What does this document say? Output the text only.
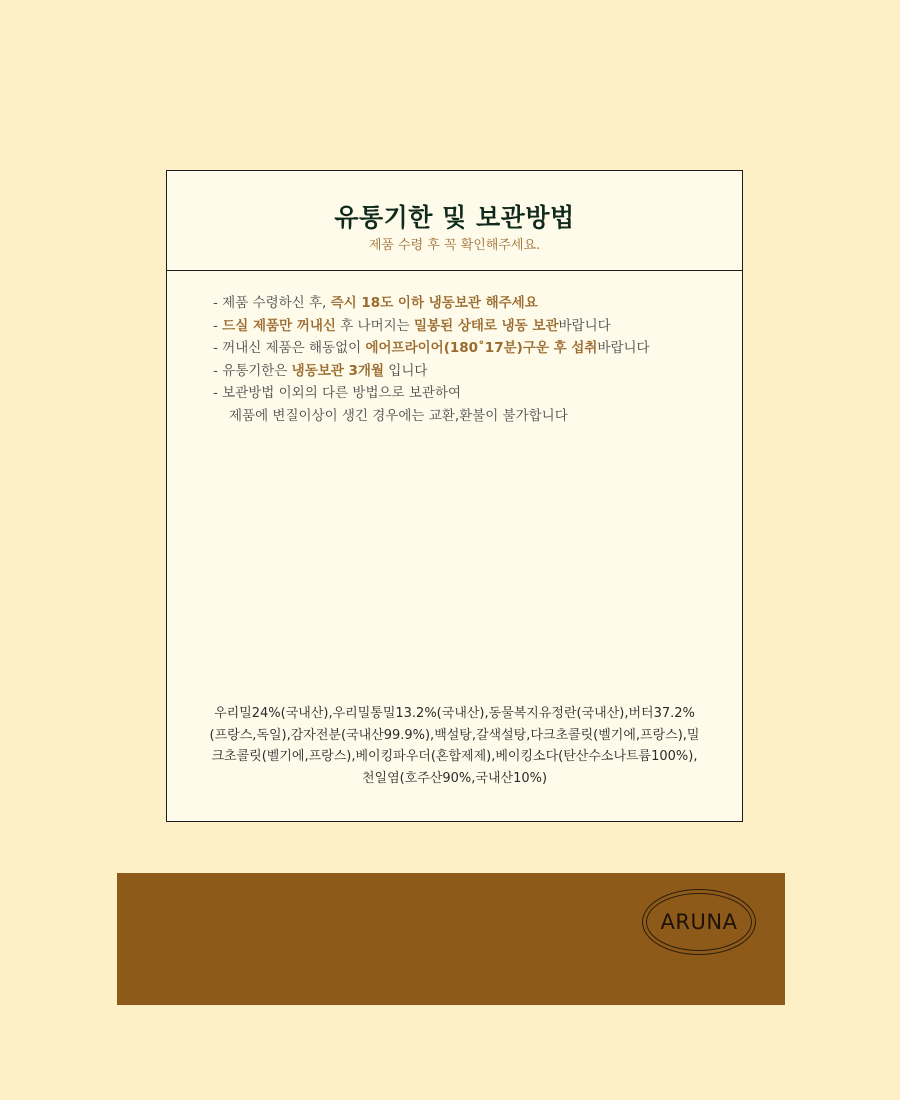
유통기한 및 보관방법

제품 수령 후 꼭 확인해주세요.

- 제품 수령하신 후, 즉시 18도 이하 냉동보관 해주세요
- 드실 제품만 꺼내신 후 나머지는 밀봉된 상태로 냉동 보관바랍니다
- 꺼내신 제품은 해동없이 에어프라이어(180˚17분)구운 후 섭취바랍니다
- 유통기한은 냉동보관 3개월 입니다
- 보관방법 이외의 다른 방법으로 보관하여
제품에 변질이상이 생긴 경우에는 교환,환불이 불가합니다
우리밀24%(국내산),우리밀통밀13.2%(국내산),동물복지유정란(국내산),버터37.2%
(프랑스,독일),감자전분(국내산99.9%),백설탕,갈색설탕,다크초콜릿(벨기에,프랑스),밀
크초콜릿(벨기에,프랑스),베이킹파우더(혼합제제),베이킹소다(탄산수소나트륨100%),
천일염(호주산90%,국내산10%)
ARUNA
